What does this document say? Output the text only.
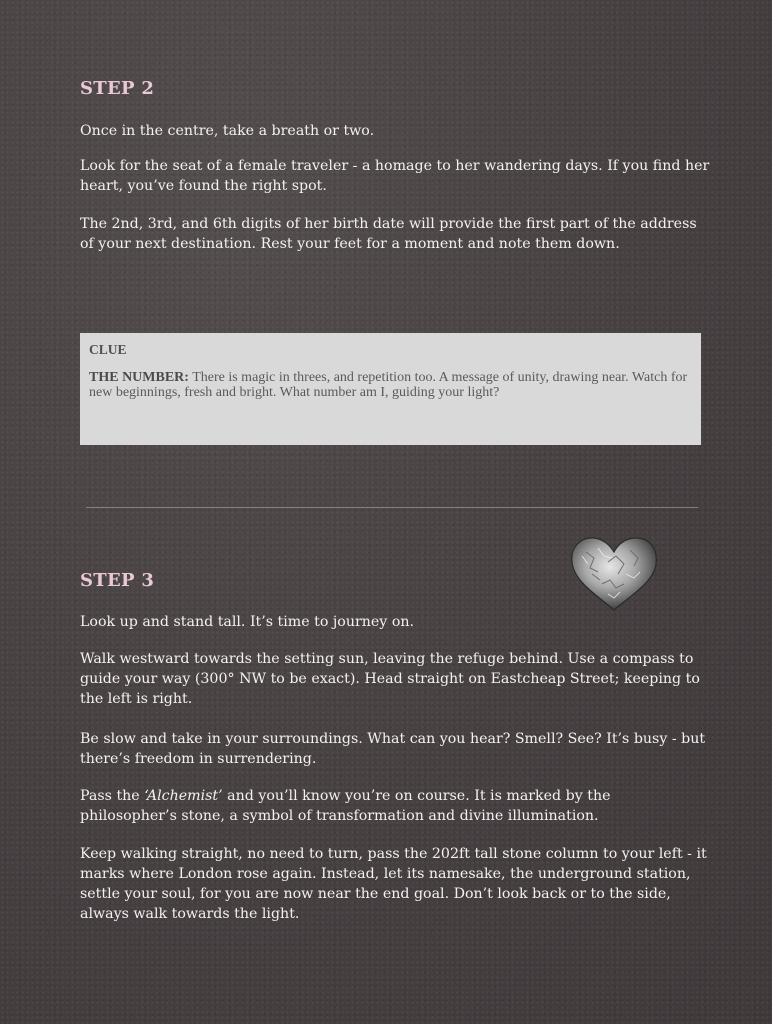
STEP 2

Once in the centre, take a breath or two.

Look for the seat of a female traveler - a homage to her wandering days. If you find her heart, you’ve found the right spot.

The 2nd, 3rd, and 6th digits of her birth date will provide the first part of the address of your next destination. Rest your feet for a moment and note them down.

CLUE

THE NUMBER: There is magic in threes, and repetition too. A message of unity, drawing near. Watch for new beginnings, fresh and bright. What number am I, guiding your light?

STEP 3

Look up and stand tall. It’s time to journey on.

Walk westward towards the setting sun, leaving the refuge behind. Use a compass to guide your way (300° NW to be exact). Head straight on Eastcheap Street; keeping to the left is right.

Be slow and take in your surroundings. What can you hear? Smell? See? It’s busy - but there’s freedom in surrendering.

Pass the ‘Alchemist’ and you’ll know you’re on course. It is marked by the philosopher’s stone, a symbol of transformation and divine illumination.

Keep walking straight, no need to turn, pass the 202ft tall stone column to your left - it marks where London rose again. Instead, let its namesake, the underground station, settle your soul, for you are now near the end goal. Don’t look back or to the side, always walk towards the light.
